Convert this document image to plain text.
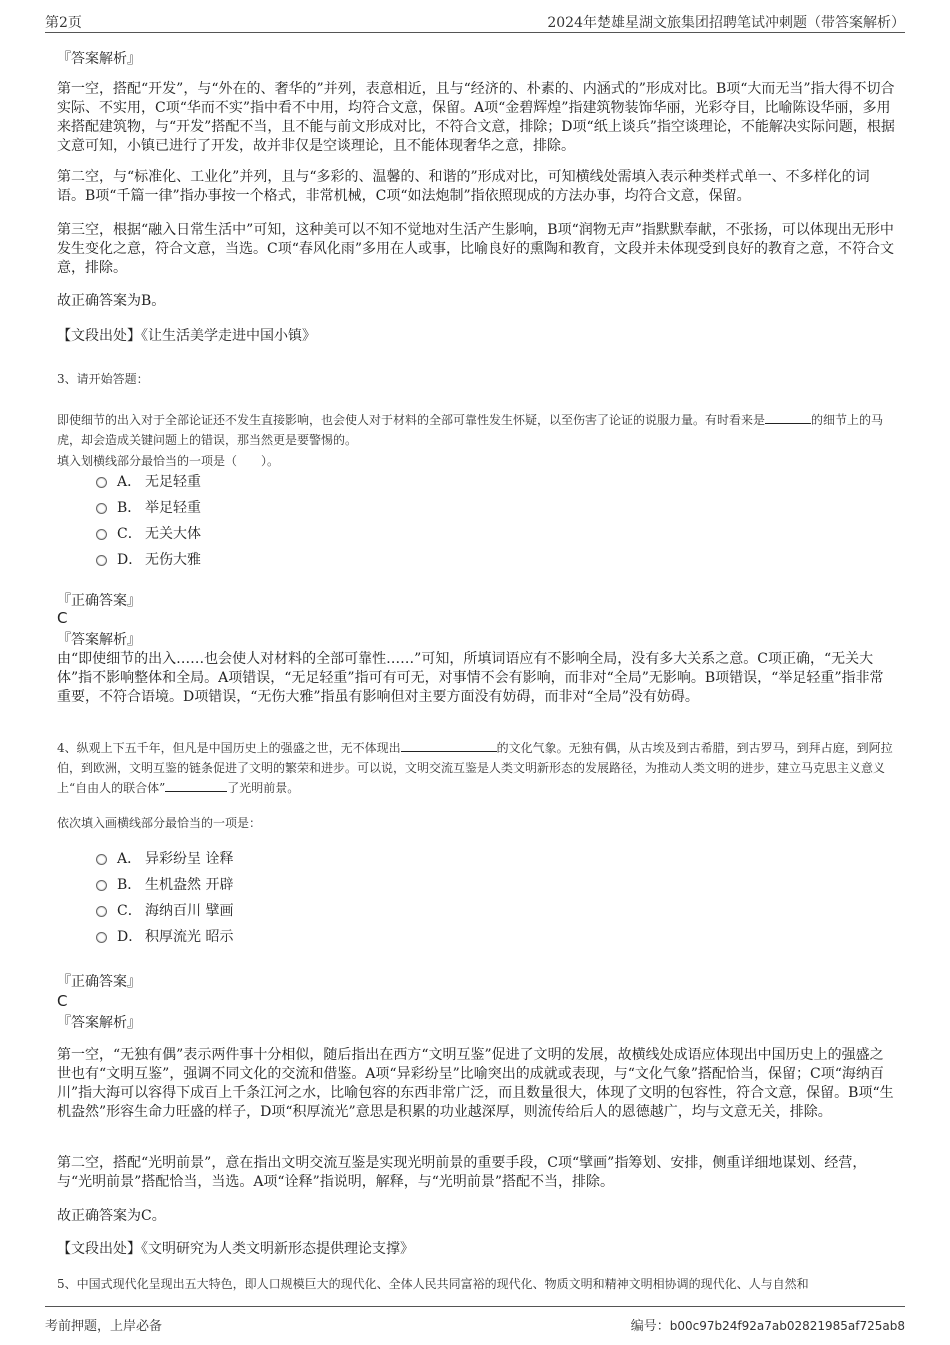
第2页	2024年楚雄星湖文旅集团招聘笔试冲刺题（带答案解析）

『答案解析』

第一空，搭配“开发”，与“外在的、奢华的”并列，表意相近，且与“经济的、朴素的、内涵式的”形成对比。B项“大而无当”指大得不切合实际、不实用，C项“华而不实”指中看不中用，均符合文意，保留。A项“金碧辉煌”指建筑物装饰华丽，光彩夺目，比喻陈设华丽，多用来搭配建筑物，与“开发”搭配不当，且不能与前文形成对比，不符合文意，排除；D项“纸上谈兵”指空谈理论，不能解决实际问题，根据文意可知，小镇已进行了开发，故并非仅是空谈理论，且不能体现奢华之意，排除。

第二空，与“标准化、工业化”并列，且与“多彩的、温馨的、和谐的”形成对比，可知横线处需填入表示种类样式单一、不多样化的词语。B项“千篇一律”指办事按一个格式，非常机械，C项“如法炮制”指依照现成的方法办事，均符合文意，保留。

第三空，根据“融入日常生活中”可知，这种美可以不知不觉地对生活产生影响，B项“润物无声”指默默奉献，不张扬，可以体现出无形中发生变化之意，符合文意，当选。C项“春风化雨”多用在人或事，比喻良好的熏陶和教育，文段并未体现受到良好的教育之意，不符合文意，排除。

故正确答案为B。

【文段出处】《让生活美学走进中国小镇》

3、请开始答题：

即使细节的出入对于全部论证还不发生直接影响，也会使人对于材料的全部可靠性发生怀疑，以至伤害了论证的说服力量。有时看来是	的细节上的马虎，却会造成关键问题上的错误，那当然更是要警惕的。

填入划横线部分最恰当的一项是（　　）。

A． 无足轻重
B． 举足轻重
C． 无关大体
D． 无伤大雅

『正确答案』

C

『答案解析』

由“即使细节的出入……也会使人对材料的全部可靠性……”可知，所填词语应有不影响全局，没有多大关系之意。C项正确，“无关大体”指不影响整体和全局。A项错误，“无足轻重”指可有可无，对事情不会有影响，而非对“全局”无影响。B项错误，“举足轻重”指非常重要，不符合语境。D项错误，“无伤大雅”指虽有影响但对主要方面没有妨碍，而非对“全局”没有妨碍。

4、纵观上下五千年，但凡是中国历史上的强盛之世，无不体现出	的文化气象。无独有偶，从古埃及到古希腊，到古罗马，到拜占庭，到阿拉伯，到欧洲，文明互鉴的链条促进了文明的繁荣和进步。可以说，文明交流互鉴是人类文明新形态的发展路径，为推动人类文明的进步，建立马克思主义意义上“自由人的联合体”	了光明前景。

依次填入画横线部分最恰当的一项是：

A． 异彩纷呈 诠释
B． 生机盎然 开辟
C． 海纳百川 擘画
D． 积厚流光 昭示

『正确答案』

C

『答案解析』

第一空，“无独有偶”表示两件事十分相似，随后指出在西方“文明互鉴”促进了文明的发展，故横线处成语应体现出中国历史上的强盛之世也有“文明互鉴”，强调不同文化的交流和借鉴。A项“异彩纷呈”比喻突出的成就或表现，与“文化气象”搭配恰当，保留；C项“海纳百川”指大海可以容得下成百上千条江河之水，比喻包容的东西非常广泛，而且数量很大，体现了文明的包容性，符合文意，保留。B项“生机盎然”形容生命力旺盛的样子，D项“积厚流光”意思是积累的功业越深厚，则流传给后人的恩德越广，均与文意无关，排除。

第二空，搭配“光明前景”，意在指出文明交流互鉴是实现光明前景的重要手段，C项“擘画”指筹划、安排，侧重详细地谋划、经营，与“光明前景”搭配恰当，当选。A项“诠释”指说明，解释，与“光明前景”搭配不当，排除。

故正确答案为C。

【文段出处】《文明研究为人类文明新形态提供理论支撑》

5、中国式现代化呈现出五大特色，即人口规模巨大的现代化、全体人民共同富裕的现代化、物质文明和精神文明相协调的现代化、人与自然和

考前押题，上岸必备	编号：b00c97b24f92a7ab02821985af725ab8
